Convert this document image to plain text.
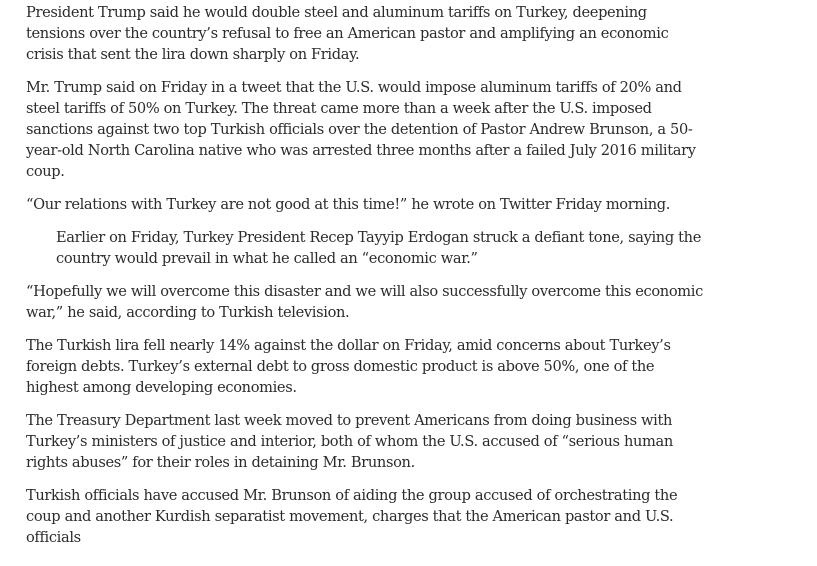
President Trump said he would double steel and aluminum tariffs on Turkey, deepening tensions over the country’s refusal to free an American pastor and amplifying an economic crisis that sent the lira down sharply on Friday.

Mr. Trump said on Friday in a tweet that the U.S. would impose aluminum tariffs of 20% and steel tariffs of 50% on Turkey. The threat came more than a week after the U.S. imposed sanctions against two top Turkish officials over the detention of Pastor Andrew Brunson, a 50-year-old North Carolina native who was arrested three months after a failed July 2016 military coup.

“Our relations with Turkey are not good at this time!” he wrote on Twitter Friday morning.

Earlier on Friday, Turkey President Recep Tayyip Erdogan struck a defiant tone, saying the country would prevail in what he called an “economic war.”

“Hopefully we will overcome this disaster and we will also successfully overcome this economic war,” he said, according to Turkish television.

The Turkish lira fell nearly 14% against the dollar on Friday, amid concerns about Turkey’s foreign debts. Turkey’s external debt to gross domestic product is above 50%, one of the highest among developing economies.

The Treasury Department last week moved to prevent Americans from doing business with Turkey’s ministers of justice and interior, both of whom the U.S. accused of “serious human rights abuses” for their roles in detaining Mr. Brunson.

Turkish officials have accused Mr. Brunson of aiding the group accused of orchestrating the coup and another Kurdish separatist movement, charges that the American pastor and U.S. officials
